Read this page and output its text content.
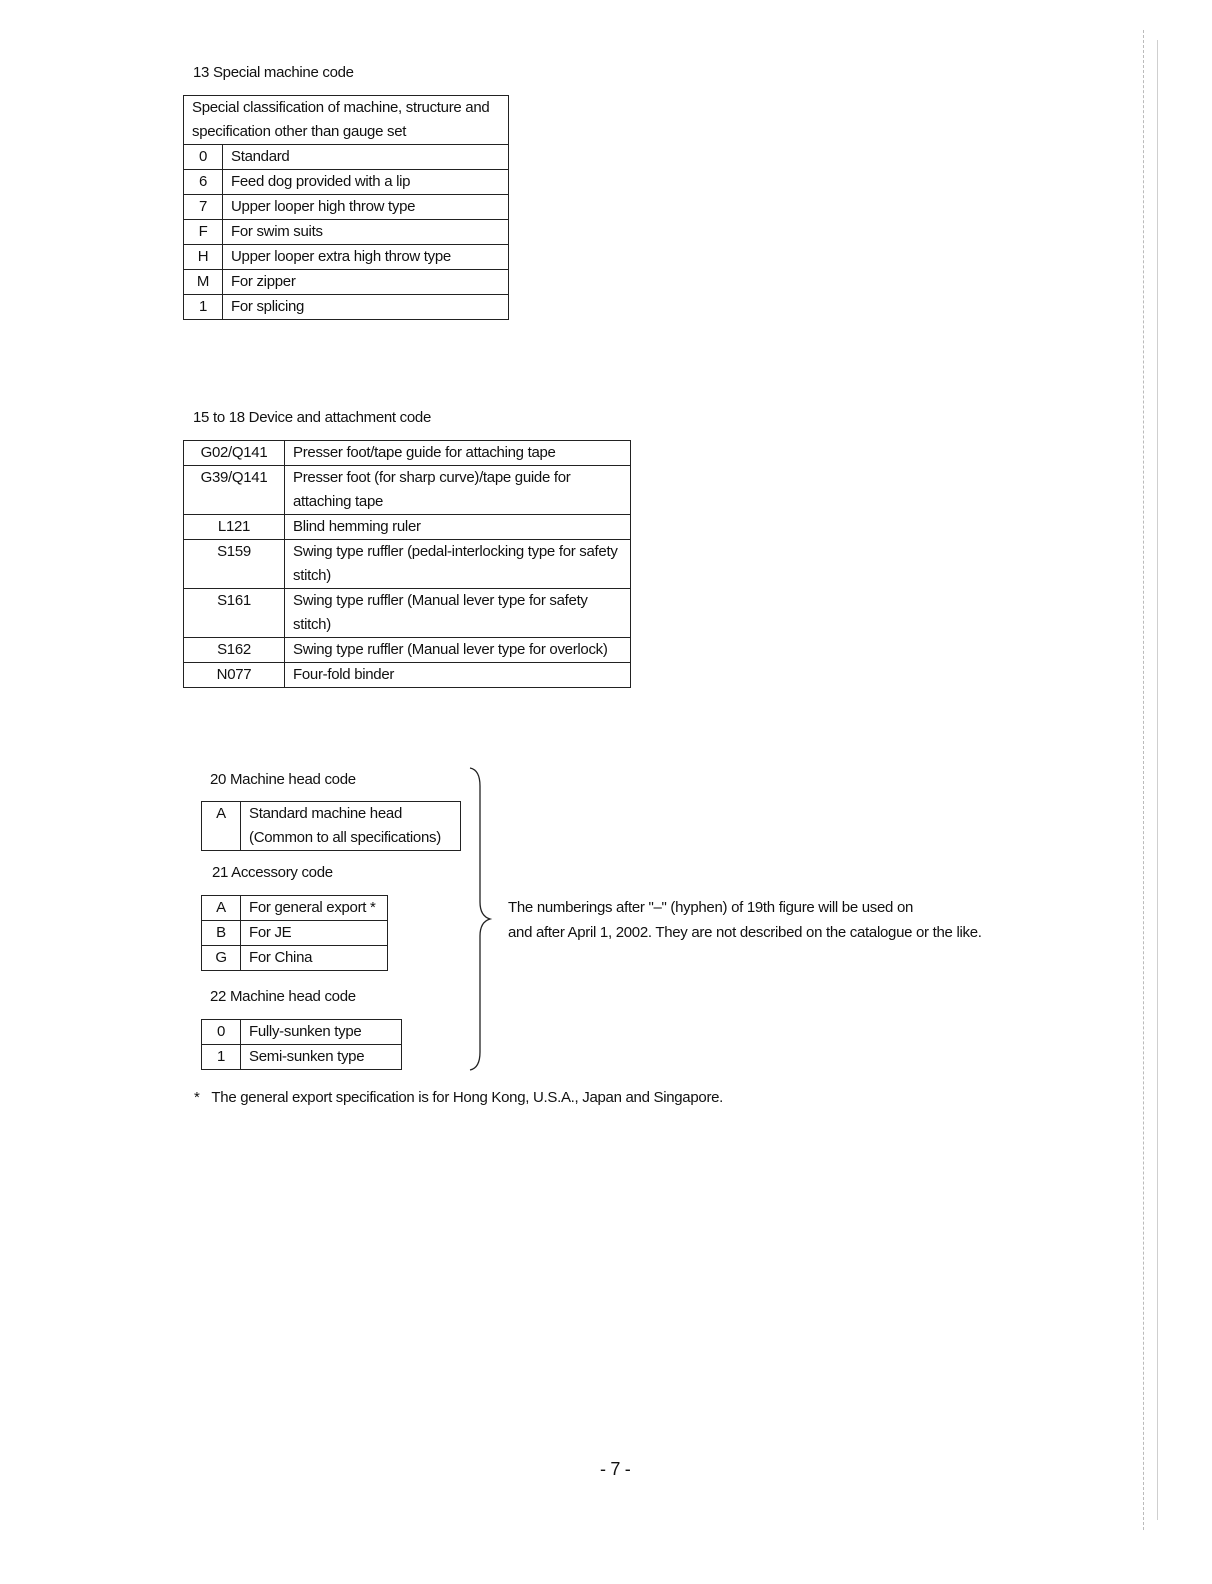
13 Special machine code
Special classification of machine, structure and specification other than gauge set	
0	Standard
6	Feed dog provided with a lip
7	Upper looper high throw type
F	For swim suits
H	Upper looper extra high throw type
M	For zipper
1	For splicing
15 to 18 Device and attachment code
G02/Q141	Presser foot/tape guide for attaching tape
G39/Q141	Presser foot (for sharp curve)/tape guide for attaching tape
L121	Blind hemming ruler
S159	Swing type ruffler (pedal-interlocking type for safety stitch)
S161	Swing type ruffler (Manual lever type for safety stitch)
S162	Swing type ruffler (Manual lever type for overlock)
N077	Four-fold binder
20 Machine head code
A	Standard machine head
(Common to all specifications)
21 Accessory code
A	For general export *
B	For JE
G	For China
22 Machine head code
0	Fully-sunken type
1	Semi-sunken type
The numberings after "–" (hyphen) of 19th figure will be used on
and after April 1, 2002. They are not described on the catalogue or the like.
* The general export specification is for Hong Kong, U.S.A., Japan and Singapore.
- 7 -
